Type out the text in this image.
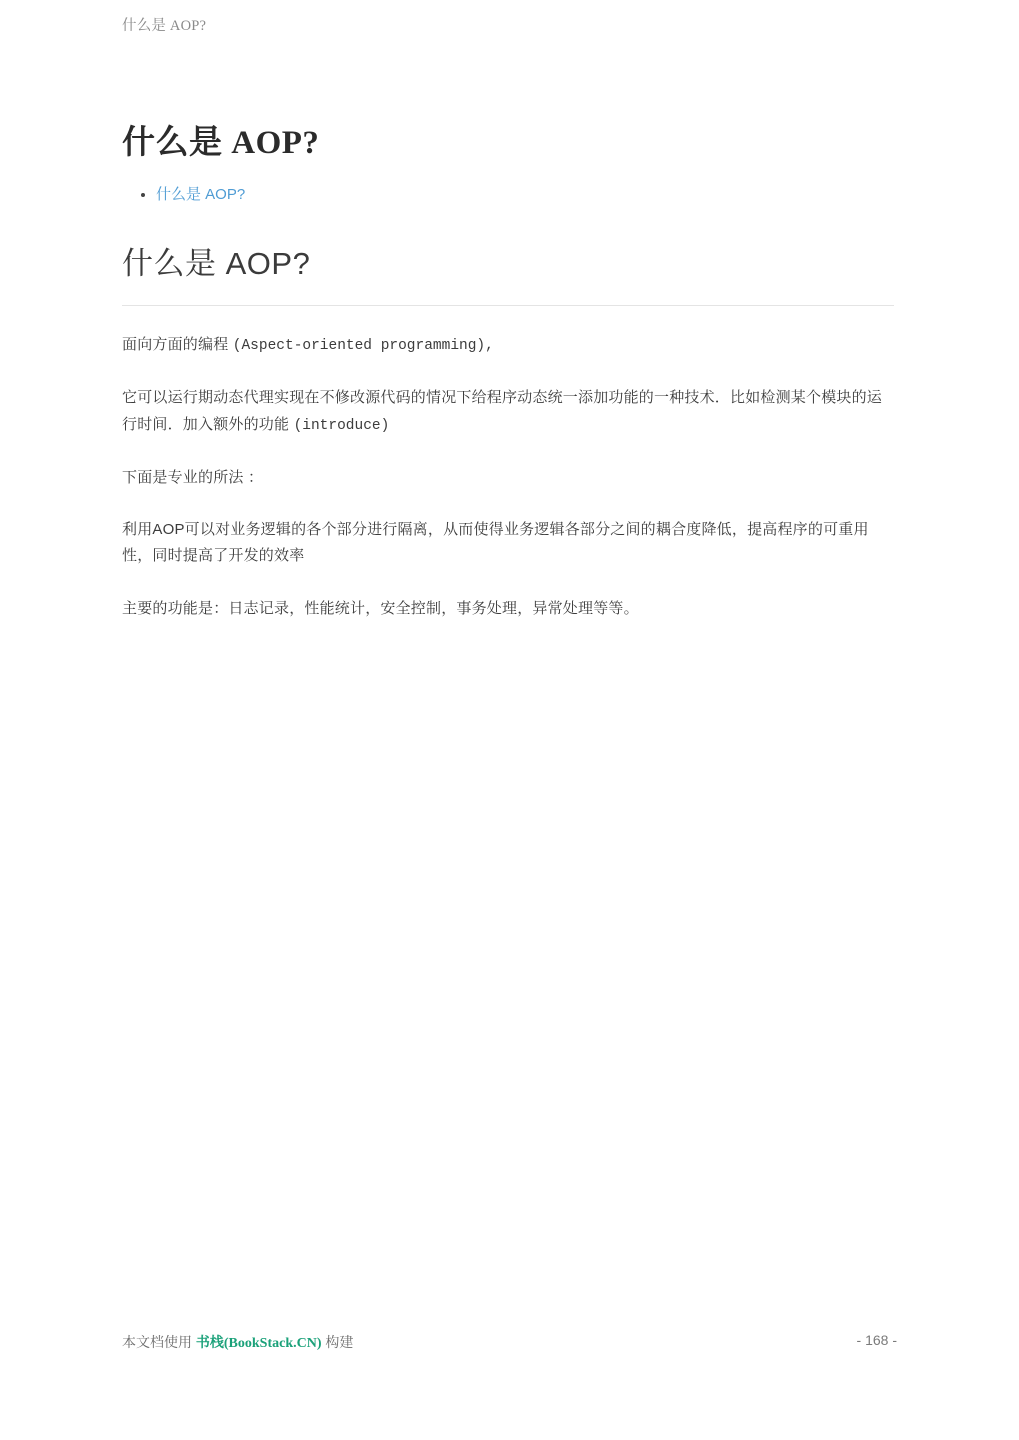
什么是 AOP?
什么是 AOP?
• 什么是 AOP?
什么是 AOP?

面向方面的编程 (Aspect-oriented programming),

它可以运行期动态代理实现在不修改源代码的情况下给程序动态统一添加功能的一种技术．比如检测某个模块的运行时间．加入额外的功能 (introduce)

下面是专业的所法 ：

利用AOP可以对业务逻辑的各个部分进行隔离，从而使得业务逻辑各部分之间的耦合度降低，提高程序的可重用性，同时提高了开发的效率

主要的功能是：日志记录，性能统计，安全控制，事务处理，异常处理等等。

本文档使用 书栈(BookStack.CN) 构建	- 168 -
